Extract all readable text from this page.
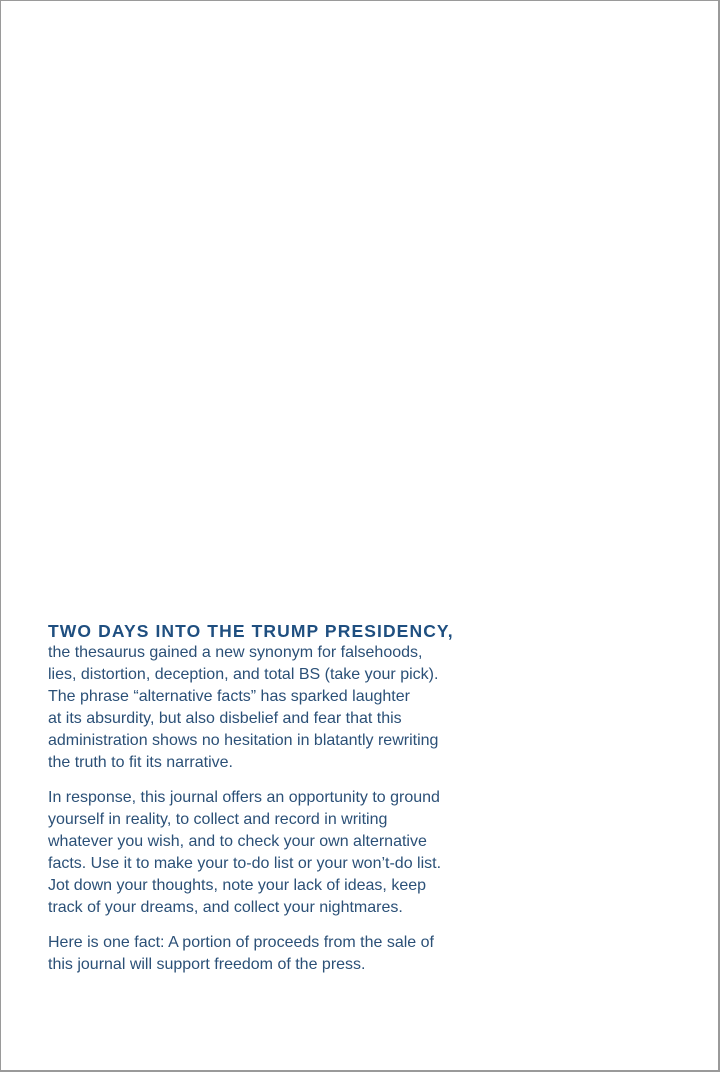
TWO DAYS INTO THE TRUMP PRESIDENCY,

the thesaurus gained a new synonym for falsehoods,
lies, distortion, deception, and total BS (take your pick).
The phrase “alternative facts” has sparked laughter
at its absurdity, but also disbelief and fear that this
administration shows no hesitation in blatantly rewriting
the truth to fit its narrative.

In response, this journal offers an opportunity to ground
yourself in reality, to collect and record in writing
whatever you wish, and to check your own alternative
facts. Use it to make your to-do list or your won’t-do list.
Jot down your thoughts, note your lack of ideas, keep
track of your dreams, and collect your nightmares.

Here is one fact: A portion of proceeds from the sale of
this journal will support freedom of the press.
